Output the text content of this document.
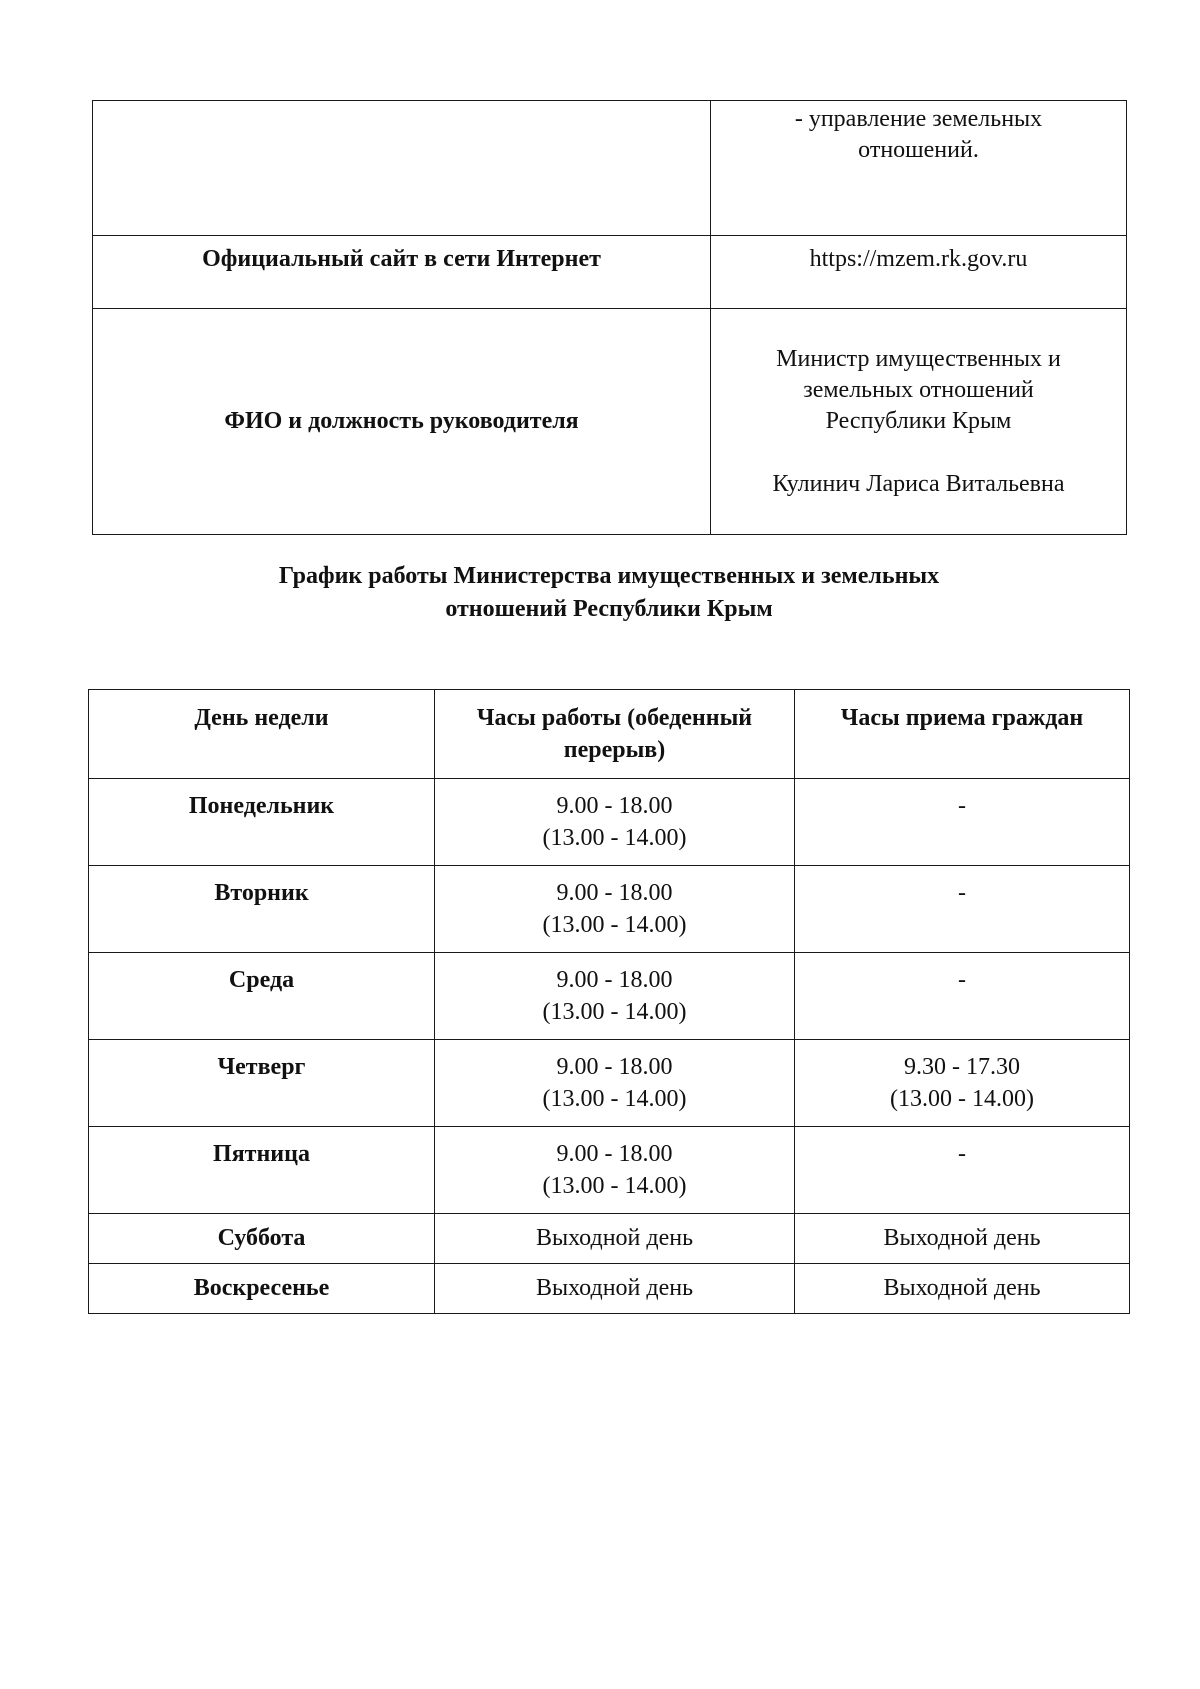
	- управление земельных
отношений.

Официальный сайт в сети Интернет	https://mzem.rk.gov.ru
ФИО и должность руководителя	Министр имущественных и
земельных отношений
Республики Крым
Кулинич Лариса Витальевна
График работы Министерства имущественных и земельных
отношений Республики Крым
День недели	Часы работы (обеденный
перерыв)	Часы приема граждан
Понедельник	9.00 - 18.00
(13.00 - 14.00)	-

Вторник	9.00 - 18.00
(13.00 - 14.00)	-

Среда	9.00 - 18.00
(13.00 - 14.00)	-

Четверг	9.00 - 18.00
(13.00 - 14.00)	9.30 - 17.30
(13.00 - 14.00)

Пятница	9.00 - 18.00
(13.00 - 14.00)	-

Суббота	Выходной день	Выходной день

Воскресенье	Выходной день	Выходной день
